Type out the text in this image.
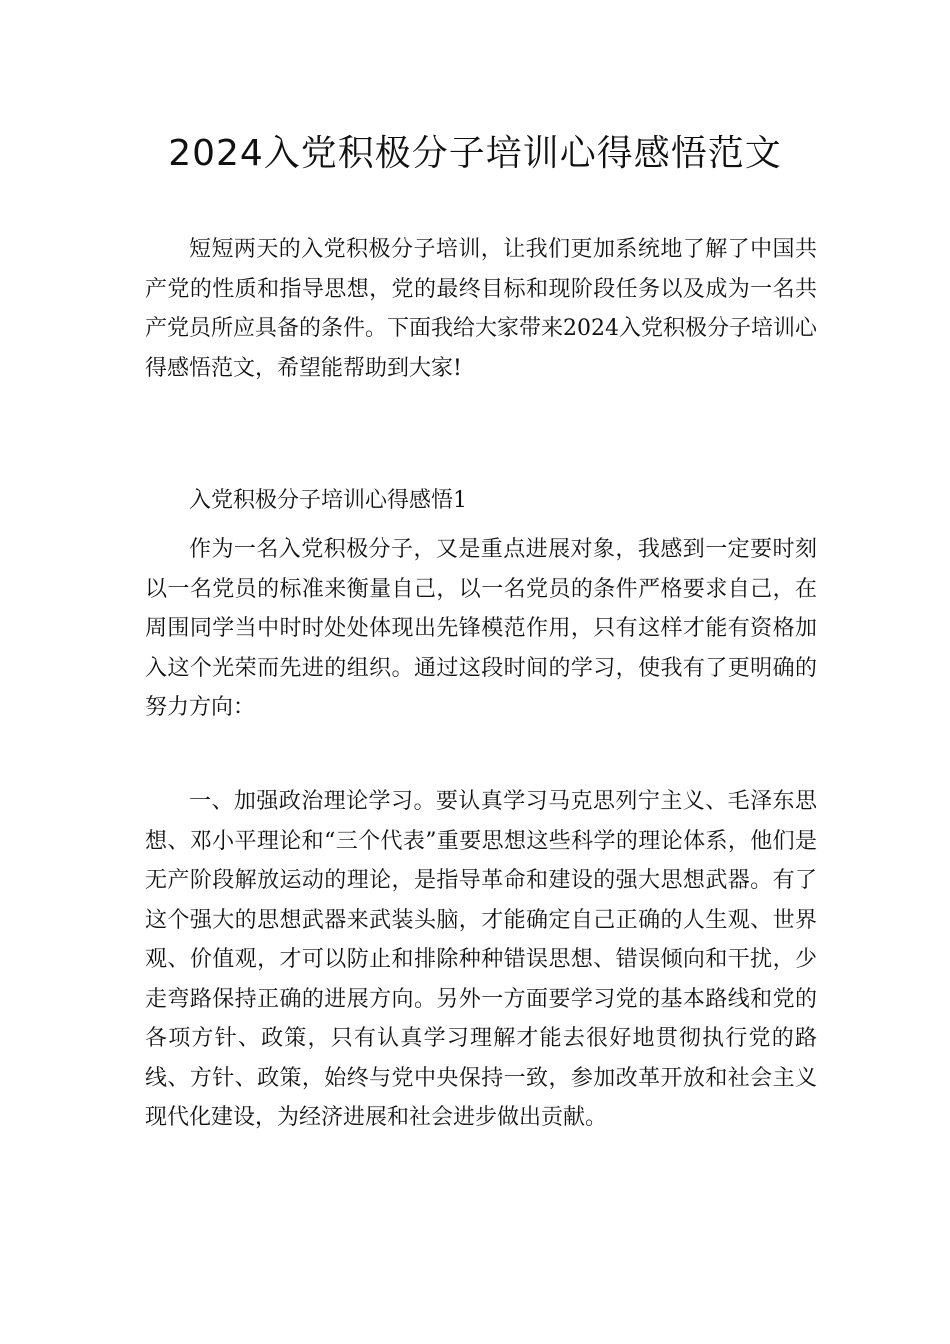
2024入党积极分子培训心得感悟范文

短短两天的入党积极分子培训，让我们更加系统地了解了中国共产党的性质和指导思想，党的最终目标和现阶段任务以及成为一名共产党员所应具备的条件。下面我给大家带来2024入党积极分子培训心得感悟范文，希望能帮助到大家!

入党积极分子培训心得感悟1

作为一名入党积极分子，又是重点进展对象，我感到一定要时刻以一名党员的标准来衡量自己，以一名党员的条件严格要求自己，在周围同学当中时时处处体现出先锋模范作用，只有这样才能有资格加入这个光荣而先进的组织。通过这段时间的学习，使我有了更明确的努力方向：

一、加强政治理论学习。要认真学习马克思列宁主义、毛泽东思想、邓小平理论和“三个代表”重要思想这些科学的理论体系，他们是无产阶段解放运动的理论，是指导革命和建设的强大思想武器。有了这个强大的思想武器来武装头脑，才能确定自己正确的人生观、世界观、价值观，才可以防止和排除种种错误思想、错误倾向和干扰，少走弯路保持正确的进展方向。另外一方面要学习党的基本路线和党的各项方针、政策，只有认真学习理解才能去很好地贯彻执行党的路线、方针、政策，始终与党中央保持一致，参加改革开放和社会主义现代化建设，为经济进展和社会进步做出贡献。
